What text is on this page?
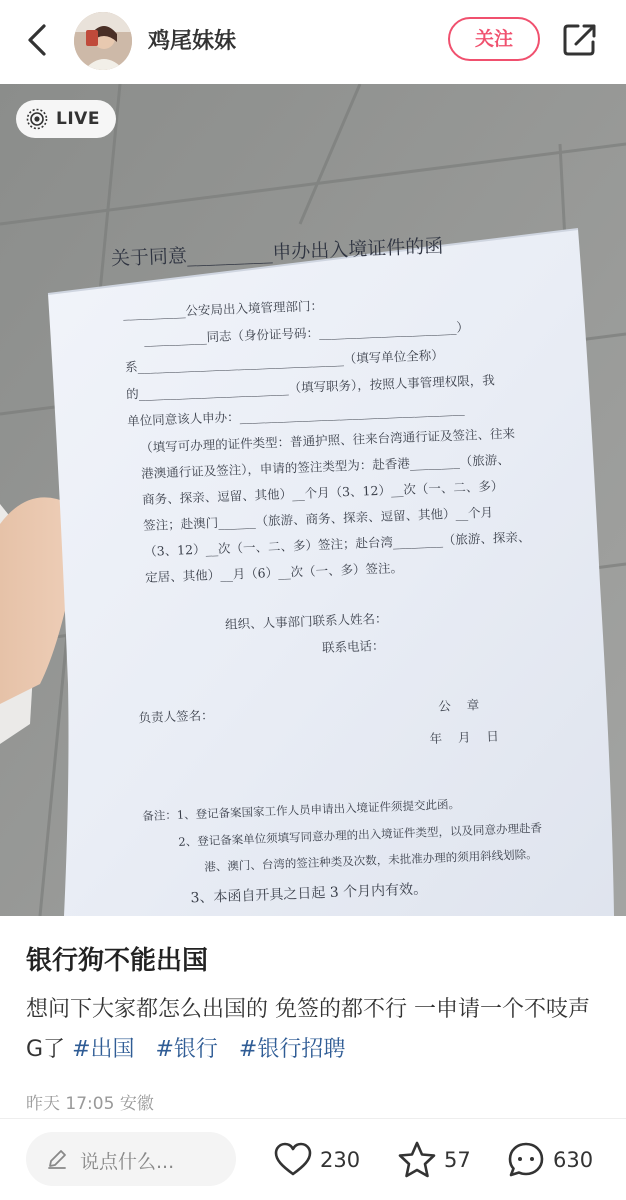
鸡尾妹妹	关注
关于同意_________申办出入境证件的函
__________公安局出入境管理部门：
__________同志（身份证号码：______________________）
系_________________________________（填写单位全称）
的________________________（填写职务），按照人事管理权限，我
单位同意该人申办：____________________________________
（填写可办理的证件类型：普通护照、往来台湾通行证及签注、往来
港澳通行证及签注），申请的签注类型为：赴香港________（旅游、
商务、探亲、逗留、其他）__个月（3、12）__次（一、二、多）
签注；赴澳门______（旅游、商务、探亲、逗留、其他）__个月
（3、12）__次（一、二、多）签注；赴台湾________（旅游、探亲、
定居、其他）__月（6）__次（一、多）签注。
组织、人事部门联系人姓名：
联系电话：
负责人签名：
公    章
年    月    日
备注：1、登记备案国家工作人员申请出入境证件须提交此函。
2、登记备案单位须填写同意办理的出入境证件类型，以及同意办理赴香
港、澳门、台湾的签注种类及次数，未批准办理的须用斜线划除。
3、本函自开具之日起 3 个月内有效。
LIVE
银行狗不能出国
想问下大家都怎么出国的 免签的都不行 一申请一个不吱声 G了 #出国 #银行 #银行招聘
昨天 17:05 安徽
说点什么...	230	57	630
